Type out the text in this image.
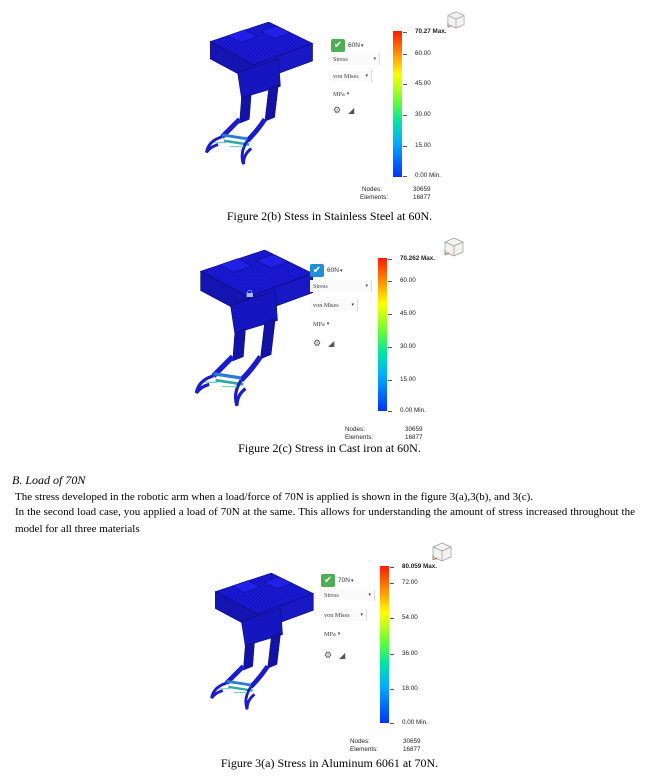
✔ 60N ▾
Stress	▾
von Mises ▾
MPa ▾
⚙ ◢
70.27 Max.
60.00
45.00
30.00
15.00
0.00 Min.
Nodes:	30659
Elements:	16877
Figure 2(b) Stess in Stainless Steel at 60N.
🔒︎
✔ 60N ▾
Stress	▾
von Mises	▾
MPa ▾
⚙ ◢
70.262 Max.
60.00
45.00
30.00
15.00
0.00 Min.
Nodes:	30659
Elements:	16877
Figure 2(c) Stress in Cast iron at 60N.
B. Load of 70N
The stress developed in the robotic arm when a load/force of 70N is applied is shown in the figure 3(a),3(b), and 3(c).
In the second load case, you applied a load of 70N at the same. This allows for understanding the amount of stress increased throughout the model for all three materials
✔ 70N ▾
Stress	▾
von Mises ▾
MPa ▾
⚙ ◢
80.059 Max.
72.00
54.00
36.00
18.00
0.00 Min.
Nodes:	30659
Elements:	16877
Figure 3(a) Stress in Aluminum 6061 at 70N.
